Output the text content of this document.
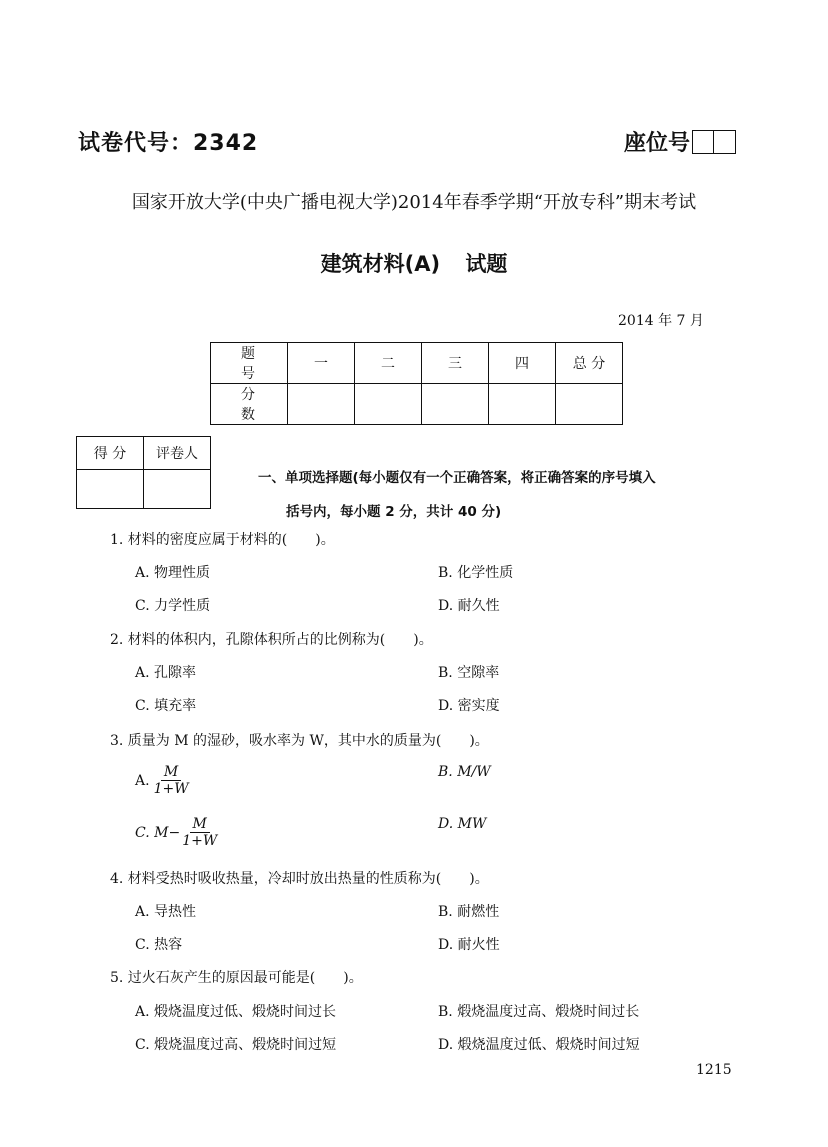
试卷代号：2342	座位号
国家开放大学(中央广播电视大学)2014年春季学期“开放专科”期末考试
建筑材料(A) 试题
2014 年 7 月
题 号	一	二	三	四	总 分
分 数					
得 分	评卷人

一、单项选择题(每小题仅有一个正确答案，将正确答案的序号填入
括号内，每小题 2 分，共计 40 分)
1. 材料的密度应属于材料的(　　)。
A. 物理性质	B. 化学性质
C. 力学性质	D. 耐久性
2. 材料的体积内，孔隙体积所占的比例称为(　　)。
A. 孔隙率	B. 空隙率
C. 填充率	D. 密实度
3. 质量为 M 的湿砂，吸水率为 W，其中水的质量为(　　)。
A. $\frac{M}{1+W}$	B. M/W
C. $M- \frac{M}{1+W}$	D. MW
4. 材料受热时吸收热量，冷却时放出热量的性质称为(　　)。
A. 导热性	B. 耐燃性
C. 热容	D. 耐火性
5. 过火石灰产生的原因最可能是(　　)。
A. 煅烧温度过低、煅烧时间过长	B. 煅烧温度过高、煅烧时间过长
C. 煅烧温度过高、煅烧时间过短	D. 煅烧温度过低、煅烧时间过短
1215
